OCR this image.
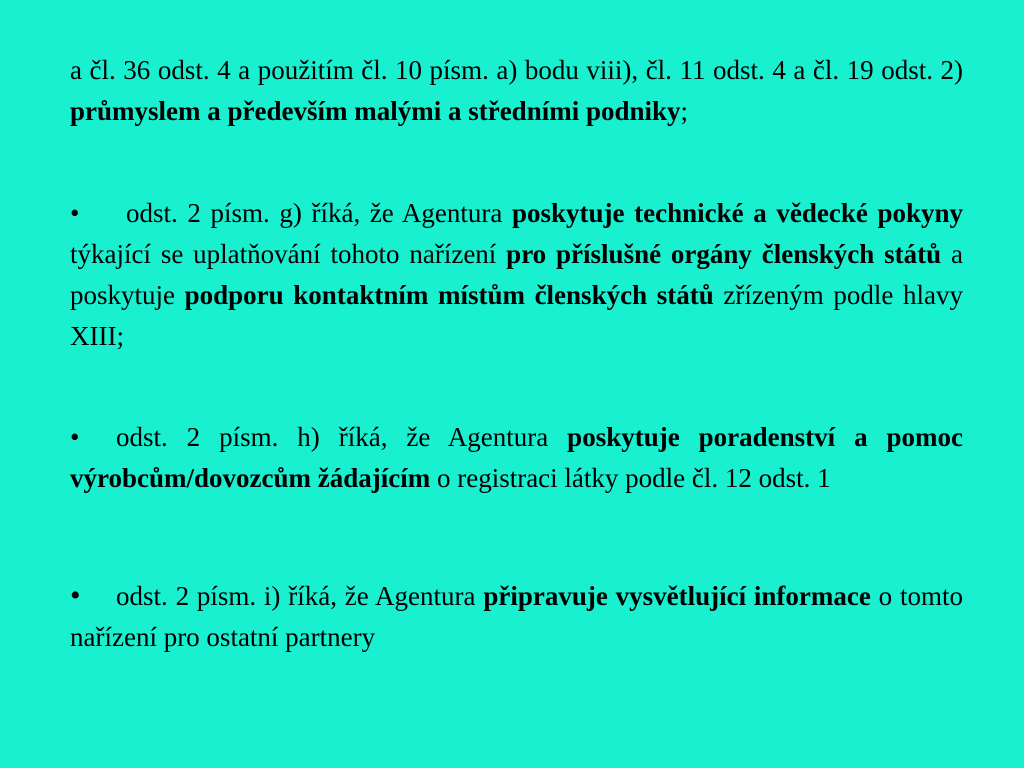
a čl. 36 odst. 4 a použitím čl. 10 písm. a) bodu viii), čl. 11 odst. 4 a čl. 19 odst. 2) průmyslem a především malými a středními podniky;

• odst. 2 písm. g) říká, že Agentura poskytuje technické a vědecké pokyny týkající se uplatňování tohoto nařízení pro příslušné orgány členských států a poskytuje podporu kontaktním místům členských států zřízeným podle hlavy XIII;

• odst. 2 písm. h) říká, že Agentura poskytuje poradenství a pomoc výrobcům/dovozcům žádajícím o registraci látky podle čl. 12 odst. 1

• odst. 2 písm. i) říká, že Agentura připravuje vysvětlující informace o tomto nařízení pro ostatní partnery
